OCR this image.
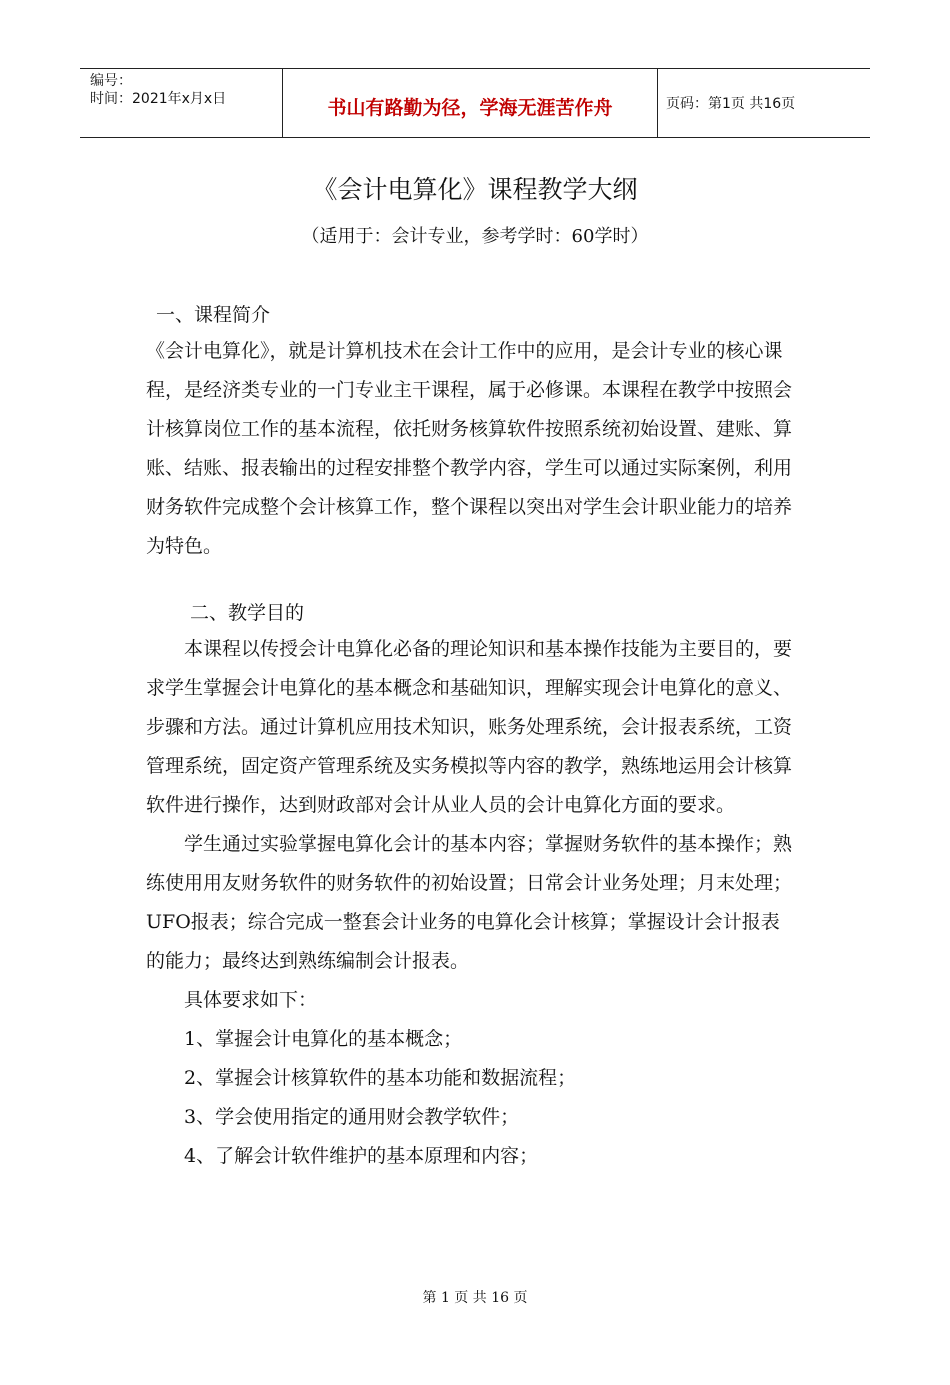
编号：
时间：2021年x月x日	书山有路勤为径，学海无涯苦作舟	页码：第1页 共16页
《会计电算化》课程教学大纲
（适用于：会计专业，参考学时：60学时）
一、课程简介

《会计电算化》，就是计算机技术在会计工作中的应用，是会计专业的核心课程，是经济类专业的一门专业主干课程，属于必修课。本课程在教学中按照会计核算岗位工作的基本流程，依托财务核算软件按照系统初始设置、建账、算账、结账、报表输出的过程安排整个教学内容，学生可以通过实际案例，利用财务软件完成整个会计核算工作，整个课程以突出对学生会计职业能力的培养为特色。

二、教学目的

本课程以传授会计电算化必备的理论知识和基本操作技能为主要目的，要求学生掌握会计电算化的基本概念和基础知识，理解实现会计电算化的意义、步骤和方法。通过计算机应用技术知识，账务处理系统，会计报表系统，工资管理系统，固定资产管理系统及实务模拟等内容的教学，熟练地运用会计核算软件进行操作，达到财政部对会计从业人员的会计电算化方面的要求。

学生通过实验掌握电算化会计的基本内容；掌握财务软件的基本操作；熟练使用用友财务软件的财务软件的初始设置；日常会计业务处理；月末处理；UFO报表；综合完成一整套会计业务的电算化会计核算；掌握设计会计报表的能力；最终达到熟练编制会计报表。

具体要求如下：

1、掌握会计电算化的基本概念；

2、掌握会计核算软件的基本功能和数据流程；

3、学会使用指定的通用财会教学软件；

4、了解会计软件维护的基本原理和内容；

第 1 页 共 16 页
